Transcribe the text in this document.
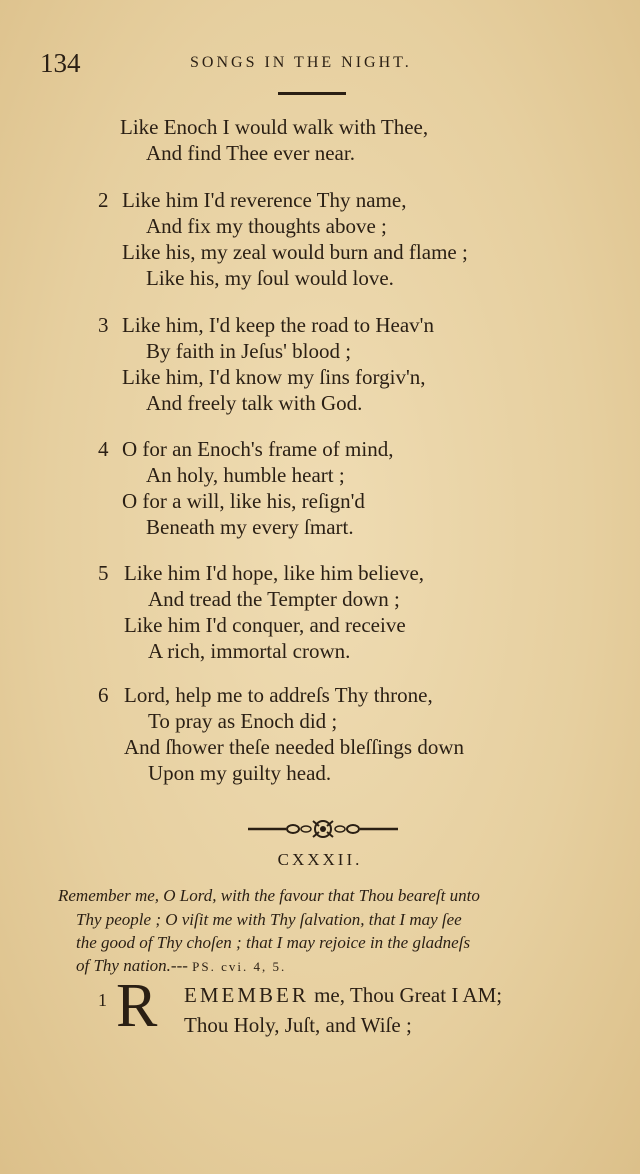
134	SONGS IN THE NIGHT.
Like Enoch I would walk with Thee,
And find Thee ever near.
2 Like him I'd reverence Thy name,
And fix my thoughts above ;
Like his, my zeal would burn and flame ;
Like his, my ſoul would love.
3 Like him, I'd keep the road to Heav'n
By faith in Jeſus' blood ;
Like him, I'd know my ſins forgiv'n,
And freely talk with God.
4 O for an Enoch's frame of mind,
An holy, humble heart ;
O for a will, like his, reſign'd
Beneath my every ſmart.
5 Like him I'd hope, like him believe,
And tread the Tempter down ;
Like him I'd conquer, and receive
A rich, immortal crown.
6 Lord, help me to addreſs Thy throne,
To pray as Enoch did ;
And ſhower theſe needed bleſſings down
Upon my guilty head.
CXXXII.
Remember me, O Lord, with the favour that Thou beareſt unto
Thy people ; O viſit me with Thy ſalvation, that I may ſee
the good of Thy choſen ; that I may rejoice in the gladneſs
of Thy nation.--- PS. cvi. 4, 5.
1 R EMEMBER me, Thou Great I AM;
Thou Holy, Juſt, and Wiſe ;
